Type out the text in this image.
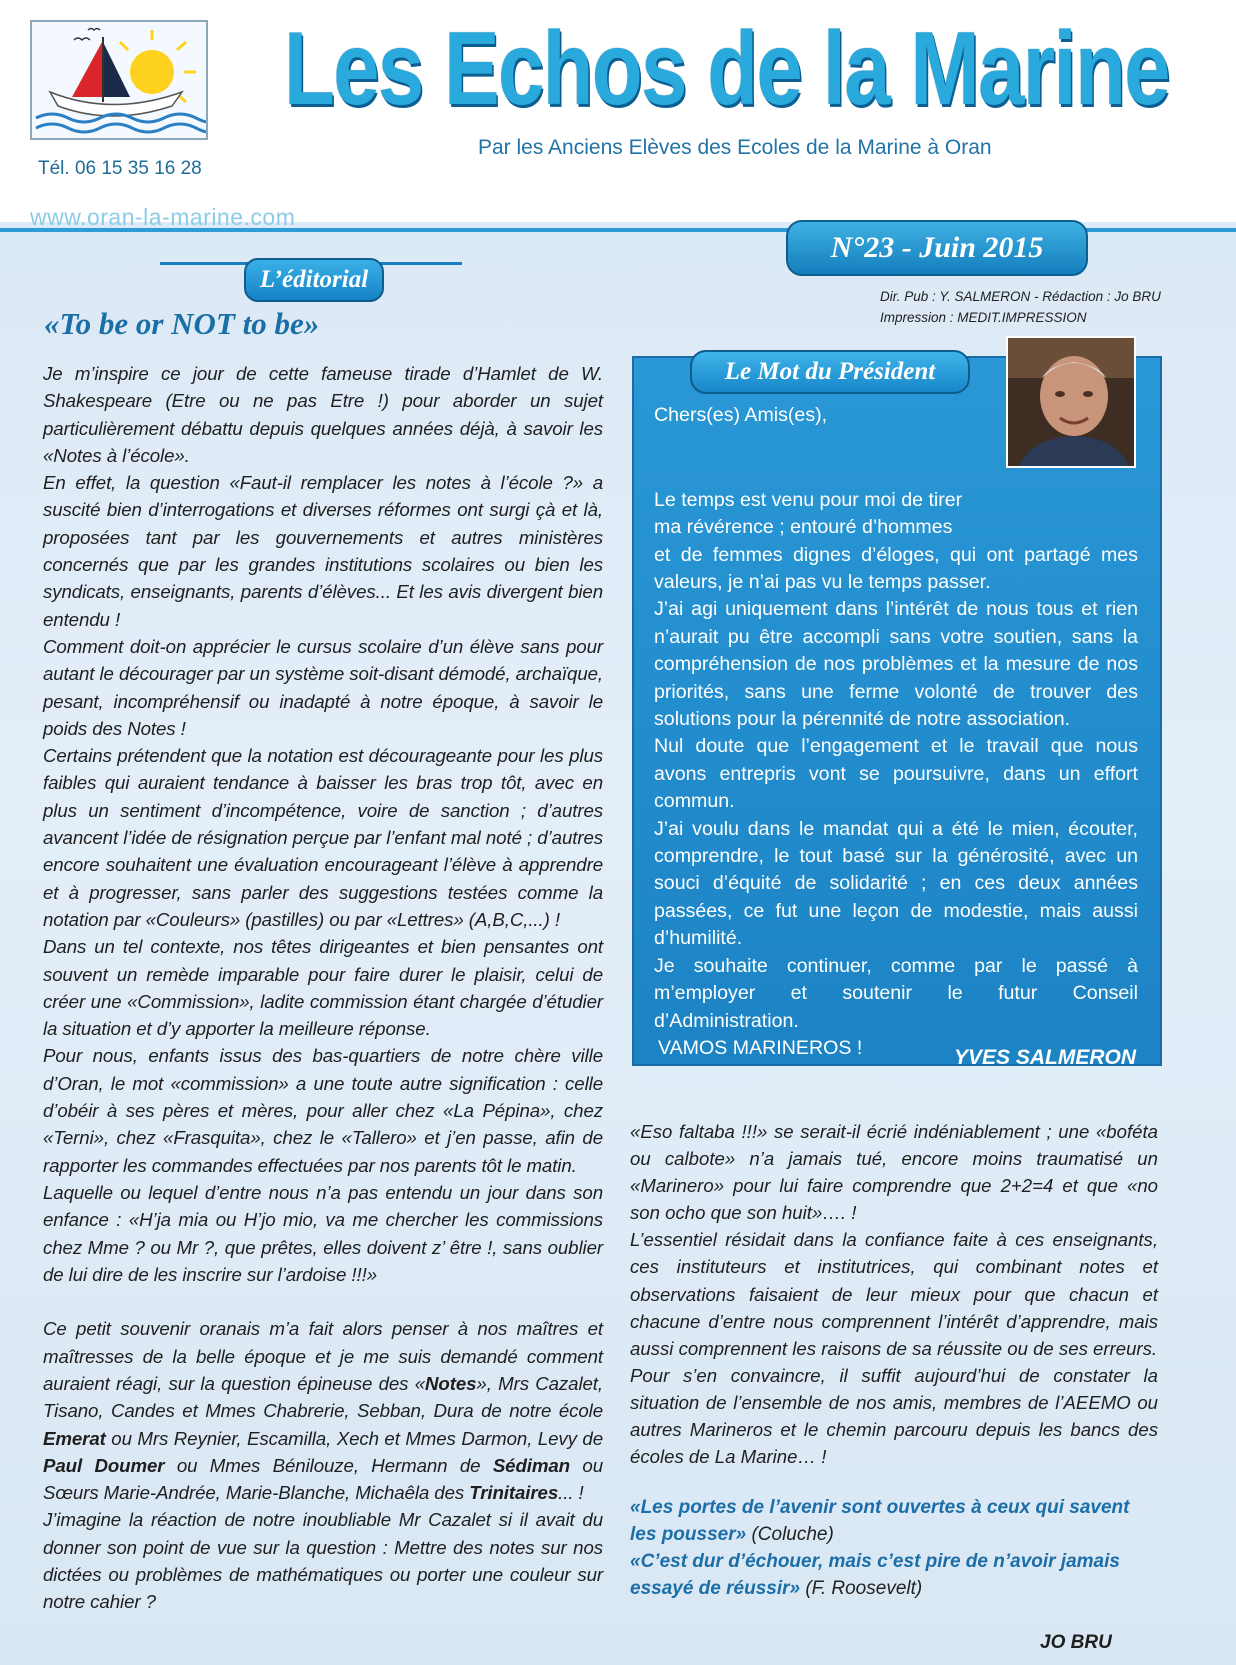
Tél. 06 15 35 16 28
Les Echos de la Marine
Par les Anciens Elèves des Ecoles de la Marine à Oran
www.oran-la-marine.com
N°23 - Juin 2015
Dir. Pub : Y. SALMERON - Rédaction : Jo BRU
Impression : MEDIT.IMPRESSION
L’éditorial
«To be or NOT to be»

Je m’inspire ce jour de cette fameuse tirade d’Hamlet de W. Shakespeare (Etre ou ne pas Etre !) pour aborder un sujet particulièrement débattu depuis quelques années déjà, à savoir les «Notes à l’école».

En effet, la question «Faut-il remplacer les notes à l’école ?» a suscité bien d’interrogations et diverses réformes ont surgi çà et là, proposées tant par les gouvernements et autres ministères concernés que par les grandes institutions scolaires ou bien les syndicats, enseignants, parents d’élèves... Et les avis divergent bien entendu !

Comment doit-on apprécier le cursus scolaire d’un élève sans pour autant le décourager par un système soit-disant démodé, archaïque, pesant, incompréhensif ou inadapté à notre époque, à savoir le poids des Notes !

Certains prétendent que la notation est décourageante pour les plus faibles qui auraient tendance à baisser les bras trop tôt, avec en plus un sentiment d’incompétence, voire de sanction ; d’autres avancent l’idée de résignation perçue par l’enfant mal noté ; d’autres encore souhaitent une évaluation encourageant l’élève à apprendre et à progresser, sans parler des suggestions testées comme la notation par «Couleurs» (pastilles) ou par «Lettres» (A,B,C,...) !

Dans un tel contexte, nos têtes dirigeantes et bien pensantes ont souvent un remède imparable pour faire durer le plaisir, celui de créer une «Commission», ladite commission étant chargée d’étudier la situation et d’y apporter la meilleure réponse.

Pour nous, enfants issus des bas-quartiers de notre chère ville d’Oran, le mot «commission» a une toute autre signification : celle d’obéir à ses pères et mères, pour aller chez «La Pépina», chez «Terni», chez «Frasquita», chez le «Tallero» et j’en passe, afin de rapporter les commandes effectuées par nos parents tôt le matin.

Laquelle ou lequel d’entre nous n’a pas entendu un jour dans son enfance : «H’ja mia ou H’jo mio, va me chercher les commissions chez Mme ? ou Mr ?, que prêtes, elles doivent z’ être !, sans oublier de lui dire de les inscrire sur l’ardoise !!!»

Ce petit souvenir oranais m’a fait alors penser à nos maîtres et maîtresses de la belle époque et je me suis demandé comment auraient réagi, sur la question épineuse des «Notes», Mrs Cazalet, Tisano, Candes et Mmes Chabrerie, Sebban, Dura de notre école Emerat ou Mrs Reynier, Escamilla, Xech et Mmes Darmon, Levy de Paul Doumer ou Mmes Bénilouze, Hermann de Sédiman ou Sœurs Marie-Andrée, Marie-Blanche, Michaêla des Trinitaires... !

J’imagine la réaction de notre inoubliable Mr Cazalet si il avait du donner son point de vue sur la question : Mettre des notes sur nos dictées ou problèmes de mathématiques ou porter une couleur sur notre cahier ?

Le Mot du Président

Chers(es) Amis(es),

Le temps est venu pour moi de tirer

ma révérence ; entouré d’hommes

et de femmes dignes d’éloges, qui ont partagé mes valeurs, je n’ai pas vu le temps passer.

J’ai agi uniquement dans l’intérêt de nous tous et rien n’aurait pu être accompli sans votre soutien, sans la compréhension de nos problèmes et la mesure de nos priorités, sans une ferme volonté de trouver des solutions pour la pérennité de notre association.

Nul doute que l’engagement et le travail que nous avons entrepris vont se poursuivre, dans un effort commun.

J’ai voulu dans le mandat qui a été le mien, écouter, comprendre, le tout basé sur la générosité, avec un souci d’équité de solidarité ; en ces deux années passées, ce fut une leçon de modestie, mais aussi d’humilité.

Je souhaite continuer, comme par le passé à m’employer et soutenir le futur Conseil d’Administration.

VAMOS MARINEROS !	YVES SALMERON

«Eso faltaba !!!» se serait-il écrié indéniablement ; une «boféta ou calbote» n’a jamais tué, encore moins traumatisé un «Marinero» pour lui faire comprendre que 2+2=4 et que «no son ocho que son huit»…. !

L’essentiel résidait dans la confiance faite à ces enseignants, ces instituteurs et institutrices, qui combinant notes et observations faisaient de leur mieux pour que chacun et chacune d’entre nous comprennent l’intérêt d’apprendre, mais aussi comprennent les raisons de sa réussite ou de ses erreurs.

Pour s’en convaincre, il suffit aujourd’hui de constater la situation de l’ensemble de nos amis, membres de l’AEEMO ou autres Marineros et le chemin parcouru depuis les bancs des écoles de La Marine… !

«Les portes de l’avenir sont ouvertes à ceux qui savent les pousser» (Coluche)

«C’est dur d’échouer, mais c’est pire de n’avoir jamais essayé de réussir» (F. Roosevelt)

JO BRU
